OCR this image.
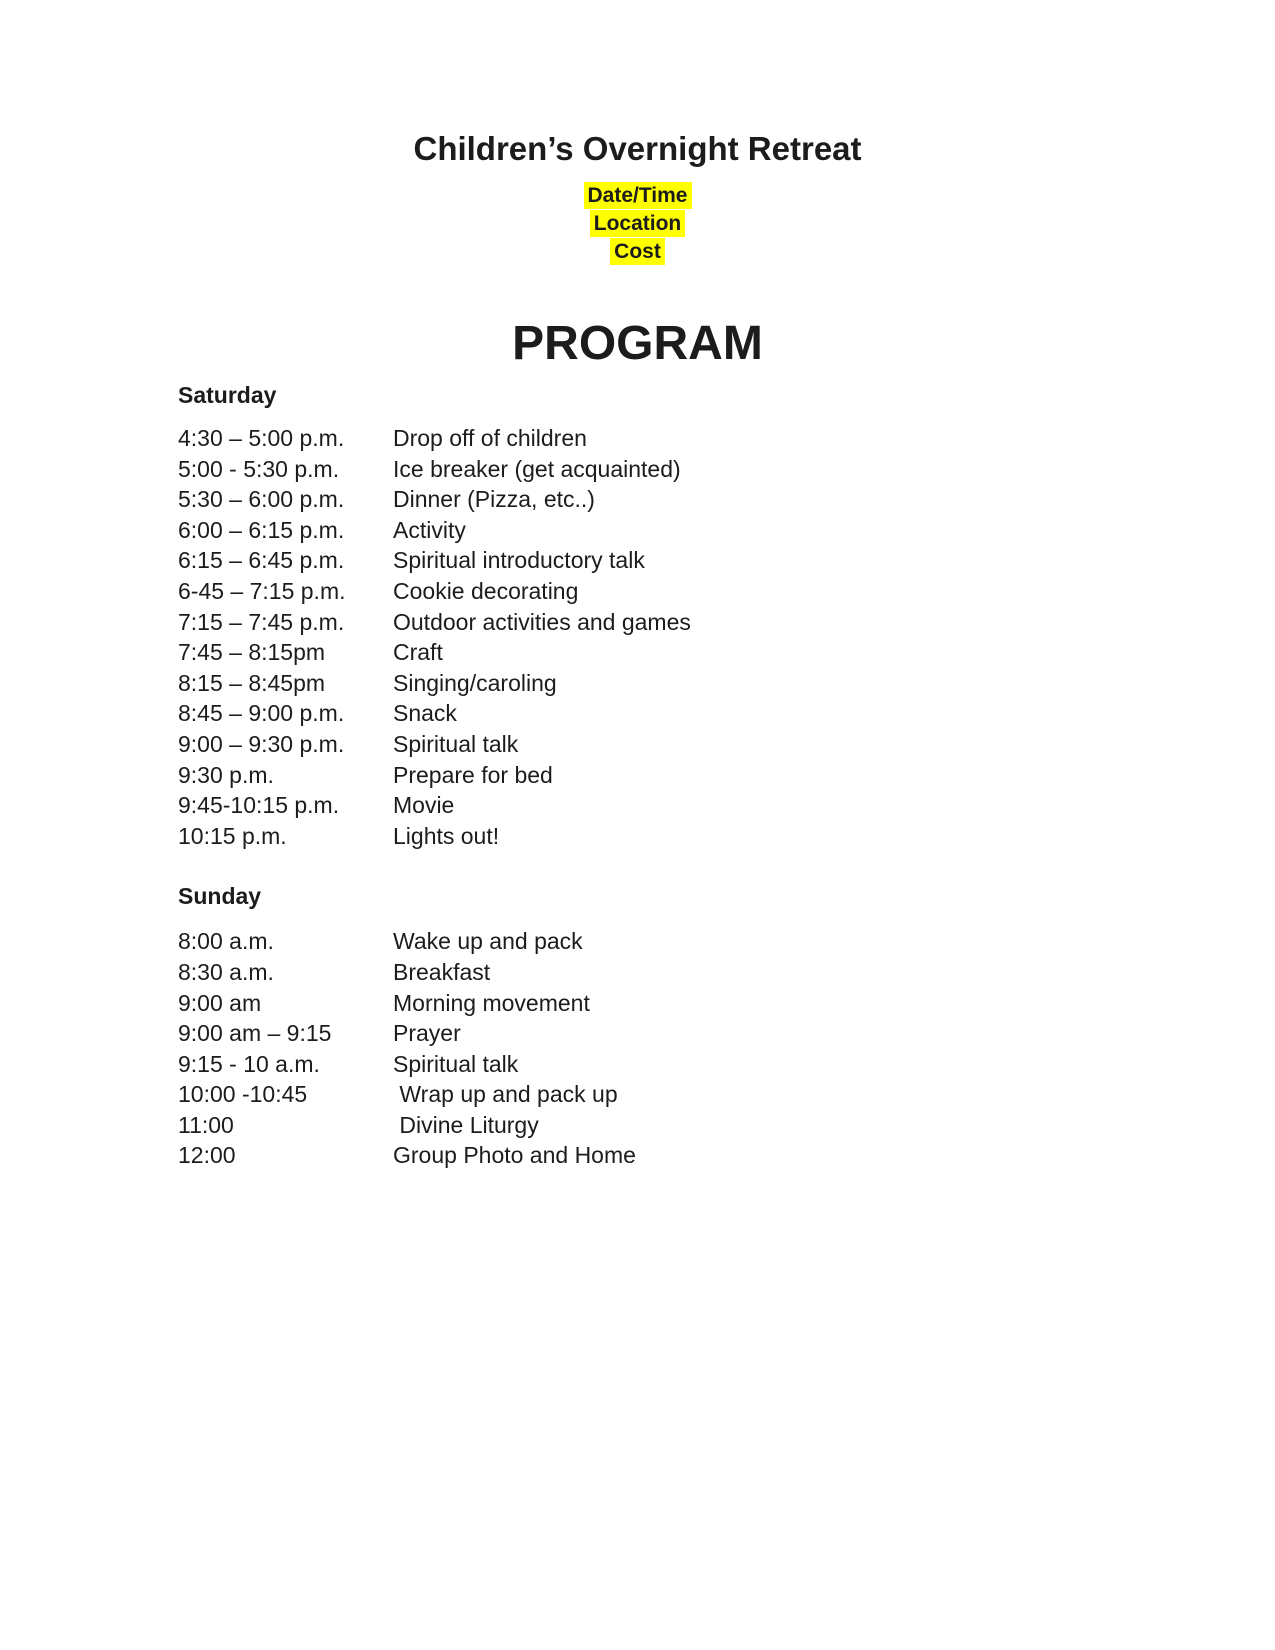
Children’s Overnight Retreat
Date/Time
Location
Cost
PROGRAM
Saturday
4:30 – 5:00 p.m.	Drop off of children
5:00 - 5:30 p.m.	Ice breaker (get acquainted)
5:30 – 6:00 p.m.	Dinner (Pizza, etc..)
6:00 – 6:15 p.m.	Activity
6:15 – 6:45 p.m.	Spiritual introductory talk
6-45 – 7:15 p.m.	Cookie decorating
7:15 – 7:45 p.m.	Outdoor activities and games
7:45 – 8:15pm	Craft
8:15 – 8:45pm	Singing/caroling
8:45 – 9:00 p.m.	Snack
9:00 – 9:30 p.m.	Spiritual talk
9:30 p.m.	Prepare for bed
9:45-10:15 p.m.	Movie
10:15 p.m.	Lights out!
Sunday
8:00 a.m.	Wake up and pack
8:30 a.m.	Breakfast
9:00 am	Morning movement
9:00 am – 9:15	Prayer
9:15 - 10 a.m.	Spiritual talk
10:00 -10:45	Wrap up and pack up
11:00	Divine Liturgy
12:00	Group Photo and Home
